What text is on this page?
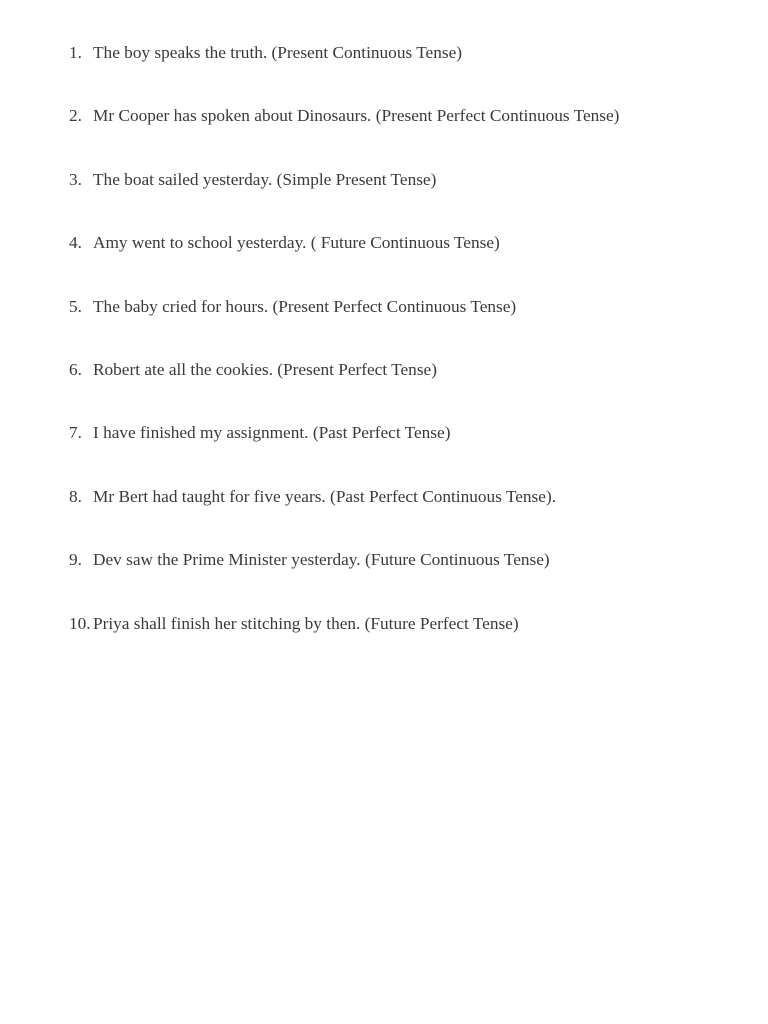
1. The boy speaks the truth. (Present Continuous Tense)
2. Mr Cooper has spoken about Dinosaurs. (Present Perfect Continuous Tense)
3. The boat sailed yesterday. (Simple Present Tense)
4. Amy went to school yesterday. ( Future Continuous Tense)
5. The baby cried for hours. (Present Perfect Continuous Tense)
6. Robert ate all the cookies. (Present Perfect Tense)
7. I have finished my assignment. (Past Perfect Tense)
8. Mr Bert had taught for five years. (Past Perfect Continuous Tense).
9. Dev saw the Prime Minister yesterday. (Future Continuous Tense)
10. Priya shall finish her stitching by then. (Future Perfect Tense)
